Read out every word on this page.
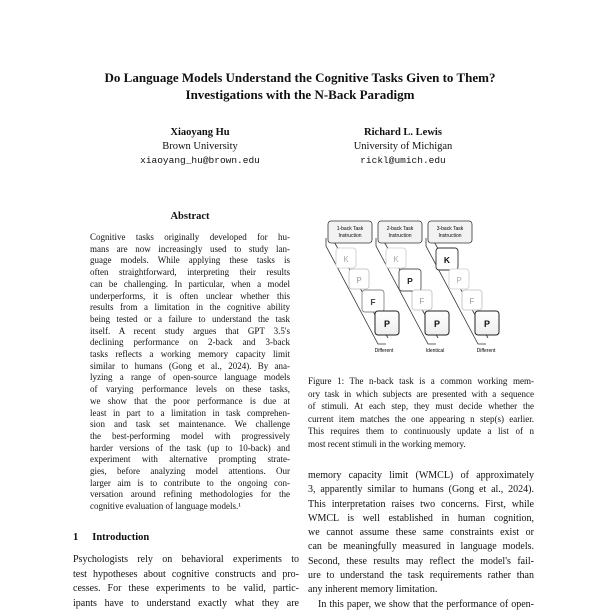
Do Language Models Understand the Cognitive Tasks Given to Them?
Investigations with the N-Back Paradigm
Xiaoyang Hu
Brown University
xiaoyang_hu@brown.edu
Richard L. Lewis
University of Michigan
rickl@umich.edu
Abstract
Cognitive tasks originally developed for hu-
mans are now increasingly used to study lan-
guage models. While applying these tasks is
often straightforward, interpreting their results
can be challenging. In particular, when a model
underperforms, it is often unclear whether this
results from a limitation in the cognitive ability
being tested or a failure to understand the task
itself. A recent study argues that GPT 3.5's
declining performance on 2-back and 3-back
tasks reflects a working memory capacity limit
similar to humans (Gong et al., 2024). By ana-
lyzing a range of open-source language models
of varying performance levels on these tasks,
we show that the poor performance is due at
least in part to a limitation in task comprehen-
sion and task set maintenance. We challenge
the best-performing model with progressively
harder versions of the task (up to 10-back) and
experiment with alternative prompting strate-
gies, before analyzing model attentions. Our
larger aim is to contribute to the ongoing con-
versation around refining methodologies for the
cognitive evaluation of language models.¹
1 Introduction
Psychologists rely on behavioral experiments to
test hypotheses about cognitive constructs and pro-
cesses. For these experiments to be valid, partic-
ipants have to understand exactly what they are
1-back Task
Instruction
2-back Task
Instruction
3-back Task
Instruction
K
P
F
P
K
P
F
P
K
P
F
P
Different	Identical	Different
Figure 1: The n-back task is a common working mem-
ory task in which subjects are presented with a sequence
of stimuli. At each step, they must decide whether the
current item matches the one appearing n step(s) earlier.
This requires them to continuously update a list of n
most recent stimuli in the working memory.
memory capacity limit (WMCL) of approximately
3, apparently similar to humans (Gong et al., 2024).
This interpretation raises two concerns. First, while
WMCL is well established in human cognition,
we cannot assume these same constraints exist or
can be meaningfully measured in language models.
Second, these results may reflect the model's fail-
ure to understand the task requirements rather than
any inherent memory limitation.
In this paper, we show that the performance of open-
